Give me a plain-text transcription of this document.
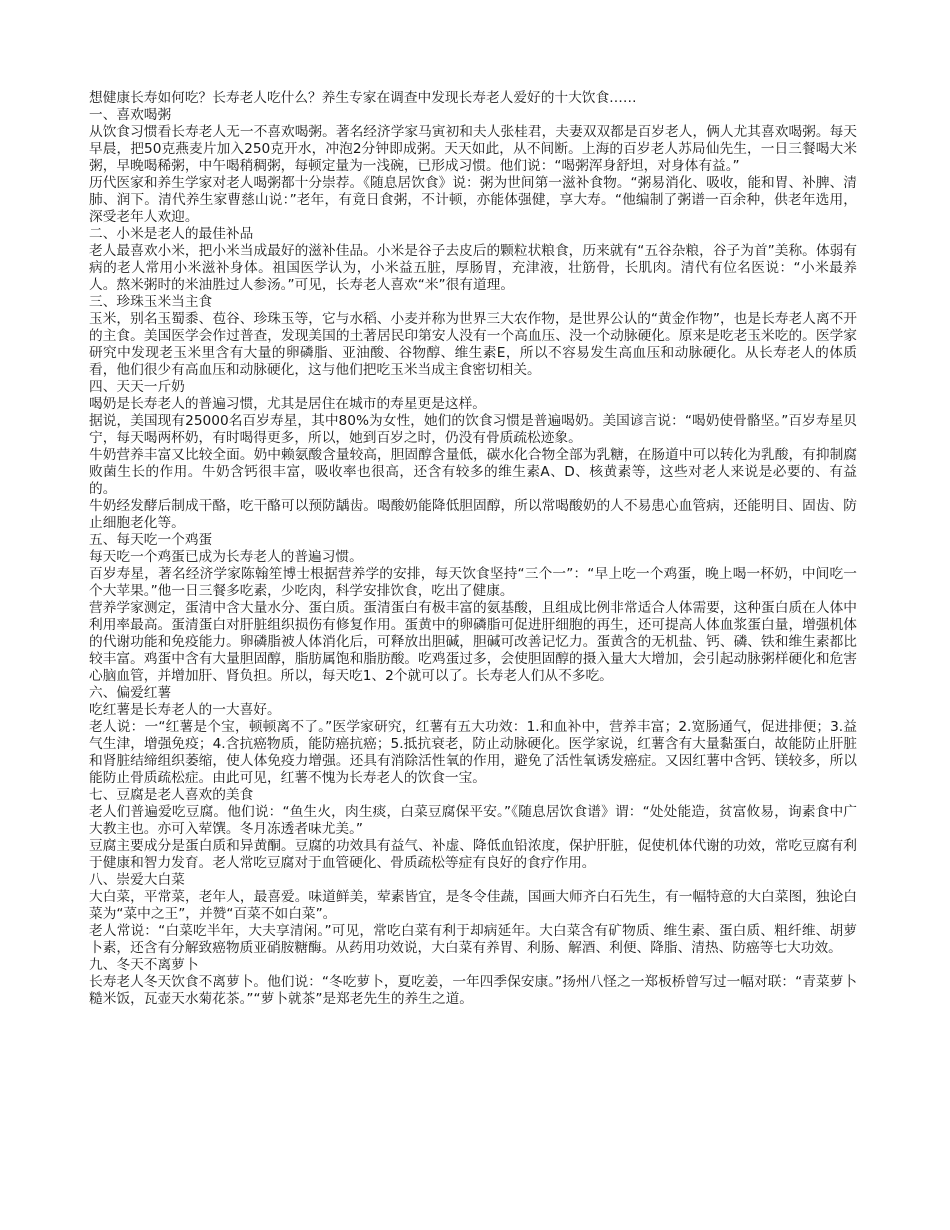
想健康长寿如何吃？长寿老人吃什么？养生专家在调查中发现长寿老人爱好的十大饮食……

一、喜欢喝粥

从饮食习惯看长寿老人无一不喜欢喝粥。著名经济学家马寅初和夫人张桂君，夫妻双双都是百岁老人，俩人尤其喜欢喝粥。每天早晨，把50克燕麦片加入250克开水，冲泡2分钟即成粥。天天如此，从不间断。上海的百岁老人苏局仙先生，一日三餐喝大米粥，早晚喝稀粥，中午喝稍稠粥，每顿定量为一浅碗，已形成习惯。他们说：“喝粥浑身舒坦，对身体有益。”

历代医家和养生学家对老人喝粥都十分崇荐。《随息居饮食》说：粥为世间第一滋补食物。“粥易消化、吸收，能和胃、补脾、清肺、润下。清代养生家曹慈山说：”老年，有竟日食粥，不计顿，亦能体强健，享大寿。“他编制了粥谱一百余种，供老年选用，深受老年人欢迎。

二、小米是老人的最佳补品

老人最喜欢小米，把小米当成最好的滋补佳品。小米是谷子去皮后的颗粒状粮食，历来就有“五谷杂粮，谷子为首”美称。体弱有病的老人常用小米滋补身体。祖国医学认为，小米益五脏，厚肠胃，充津液，壮筋骨，长肌肉。清代有位名医说：“小米最养人。熬米粥时的米油胜过人参汤。”可见，长寿老人喜欢“米”很有道理。

三、珍珠玉米当主食

玉米，别名玉蜀黍、苞谷、珍珠玉等，它与水稻、小麦并称为世界三大农作物，是世界公认的“黄金作物”，也是长寿老人离不开的主食。美国医学会作过普查，发现美国的土著居民印第安人没有一个高血压、没一个动脉硬化。原来是吃老玉米吃的。医学家研究中发现老玉米里含有大量的卵磷脂、亚油酸、谷物醇、维生素E，所以不容易发生高血压和动脉硬化。从长寿老人的体质看，他们很少有高血压和动脉硬化，这与他们把吃玉米当成主食密切相关。

四、天天一斤奶

喝奶是长寿老人的普遍习惯，尤其是居住在城市的寿星更是这样。

据说，美国现有25000名百岁寿星，其中80%为女性，她们的饮食习惯是普遍喝奶。美国谚言说：“喝奶使骨骼坚。”百岁寿星贝宁，每天喝两杯奶，有时喝得更多，所以，她到百岁之时，仍没有骨质疏松迹象。

牛奶营养丰富又比较全面。奶中赖氨酸含量较高，胆固醇含量低，碳水化合物全部为乳糖，在肠道中可以转化为乳酸，有抑制腐败菌生长的作用。牛奶含钙很丰富，吸收率也很高，还含有较多的维生素A、D、核黄素等，这些对老人来说是必要的、有益的。

牛奶经发酵后制成干酪，吃干酪可以预防龋齿。喝酸奶能降低胆固醇，所以常喝酸奶的人不易患心血管病，还能明目、固齿、防止细胞老化等。

五、每天吃一个鸡蛋

每天吃一个鸡蛋已成为长寿老人的普遍习惯。

百岁寿星，著名经济学家陈翰笙博士根据营养学的安排，每天饮食坚持“三个一”：“早上吃一个鸡蛋，晚上喝一杯奶，中间吃一个大苹果。”他一日三餐多吃素，少吃肉，科学安排饮食，吃出了健康。

营养学家测定，蛋清中含大量水分、蛋白质。蛋清蛋白有极丰富的氨基酸，且组成比例非常适合人体需要，这种蛋白质在人体中利用率最高。蛋清蛋白对肝脏组织损伤有修复作用。蛋黄中的卵磷脂可促进肝细胞的再生，还可提高人体血浆蛋白量，增强机体的代谢功能和免疫能力。卵磷脂被人体消化后，可释放出胆碱，胆碱可改善记忆力。蛋黄含的无机盐、钙、磷、铁和维生素都比较丰富。鸡蛋中含有大量胆固醇，脂肪属饱和脂肪酸。吃鸡蛋过多，会使胆固醇的摄入量大大增加，会引起动脉粥样硬化和危害心脑血管，并增加肝、肾负担。所以，每天吃1、2个就可以了。长寿老人们从不多吃。

六、偏爱红薯

吃红薯是长寿老人的一大喜好。

老人说：一“红薯是个宝，顿顿离不了。”医学家研究，红薯有五大功效：1.和血补中，营养丰富；2.宽肠通气，促进排便；3.益气生津，增强免疫；4.含抗癌物质，能防癌抗癌；5.抵抗衰老，防止动脉硬化。医学家说，红薯含有大量黏蛋白，故能防止肝脏和肾脏结缔组织萎缩，使人体免疫力增强。还具有消除活性氧的作用，避免了活性氧诱发癌症。又因红薯中含钙、镁较多，所以能防止骨质疏松症。由此可见，红薯不愧为长寿老人的饮食一宝。

七、豆腐是老人喜欢的美食

老人们普遍爱吃豆腐。他们说：“鱼生火，肉生痰，白菜豆腐保平安。”《随息居饮食谱》谓：“处处能造，贫富攸易，询素食中广大教主也。亦可入荤馔。冬月冻透者味尤美。”

豆腐主要成分是蛋白质和异黄酮。豆腐的功效具有益气、补虚、降低血铅浓度，保护肝脏，促使机体代谢的功效，常吃豆腐有利于健康和智力发育。老人常吃豆腐对于血管硬化、骨质疏松等症有良好的食疗作用。

八、崇爱大白菜

大白菜，平常菜，老年人，最喜爱。味道鲜美，荤素皆宜，是冬令佳蔬，国画大师齐白石先生，有一幅特意的大白菜图，独论白菜为“菜中之王”，并赞“百菜不如白菜”。

老人常说：“白菜吃半年，大夫享清闲。”可见，常吃白菜有利于却病延年。大白菜含有矿物质、维生素、蛋白质、粗纤维、胡萝卜素，还含有分解致癌物质亚硝胺糖酶。从药用功效说，大白菜有养胃、利肠、解酒、利便、降脂、清热、防癌等七大功效。

九、冬天不离萝卜

长寿老人冬天饮食不离萝卜。他们说：“冬吃萝卜，夏吃姜，一年四季保安康。”扬州八怪之一郑板桥曾写过一幅对联：“青菜萝卜糙米饭，瓦壶天水菊花茶。”“萝卜就茶”是郑老先生的养生之道。
